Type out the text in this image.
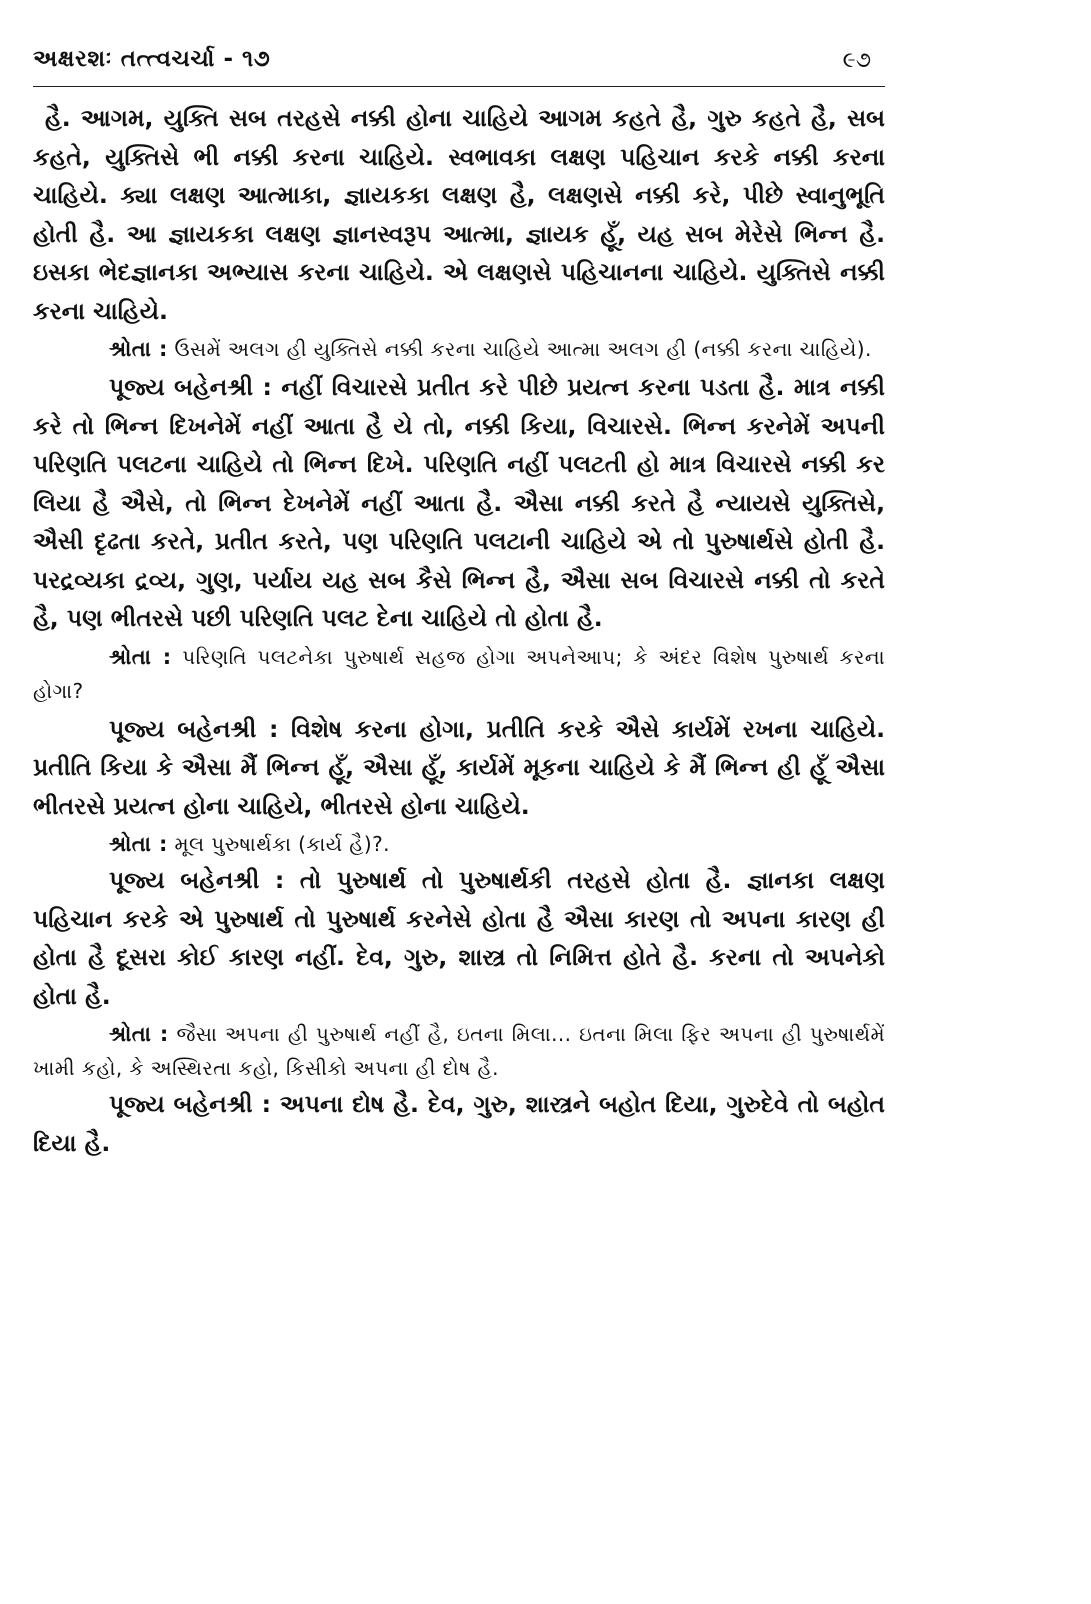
અક્ષરશઃ તત્ત્વચર્ચા - ૧૭	૯૭

હૈ. આગમ, યુક્તિ સબ તરહસે નક્કી હોના ચાહિયે આગમ કહતે હૈ, ગુરુ કહતે હૈ, સબ કહતે, યુક્તિસે ભી નક્કી કરના ચાહિયે. સ્વભાવકા લક્ષણ પહિચાન કરકે નક્કી કરના ચાહિયે. ક્યા લક્ષણ આત્માકા, જ્ઞાયકકા લક્ષણ હૈ, લક્ષણસે નક્કી કરે, પીછે સ્વાનુભૂતિ હોતી હૈ. આ જ્ઞાયકકા લક્ષણ જ્ઞાનસ્વરૂપ આત્મા, જ્ઞાયક હૂઁ, યહ સબ મેરેસે ભિન્ન હૈ. ઇસકા ભેદજ્ઞાનકા અભ્યાસ કરના ચાહિયે. એ લક્ષણસે પહિચાનના ચાહિયે. યુક્તિસે નક્કી કરના ચાહિયે.

શ્રોતા : ઉસમેં અલગ હી યુક્તિસે નક્કી કરના ચાહિયે આત્મા અલગ હી (નક્કી કરના ચાહિયે).

પૂજ્ય બહેનશ્રી : નહીં વિચારસે પ્રતીત કરે પીછે પ્રયત્ન કરના પડતા હૈ. માત્ર નક્કી કરે તો ભિન્ન દિખનેમેં નહીં આતા હૈ યે તો, નક્કી કિયા, વિચારસે. ભિન્ન કરનેમેં અપની પરિણતિ પલટના ચાહિયે તો ભિન્ન દિખે. પરિણતિ નહીં પલટતી હો માત્ર વિચારસે નક્કી કર લિયા હૈ ઐસે, તો ભિન્ન દેખનેમેં નહીં આતા હૈ. ઐસા નક્કી કરતે હૈ ન્યાયસે યુક્તિસે, ઐસી દૃઢતા કરતે, પ્રતીત કરતે, પણ પરિણતિ પલટાની ચાહિયે એ તો પુરુષાર્થસે હોતી હૈ. પરદ્રવ્યકા દ્રવ્ય, ગુણ, પર્યાય યહ સબ કૈસે ભિન્ન હૈ, ઐસા સબ વિચારસે નક્કી તો કરતે હૈ, પણ ભીતરસે પછી પરિણતિ પલટ દેના ચાહિયે તો હોતા હૈ.

શ્રોતા : પરિણતિ પલટનેકા પુરુષાર્થ સહજ હોગા અપનેઆપ; કે અંદર વિશેષ પુરુષાર્થ કરના હોગા?

પૂજ્ય બહેનશ્રી : વિશેષ કરના હોગા, પ્રતીતિ કરકે ઐસે કાર્યમેં રખના ચાહિયે. પ્રતીતિ કિયા કે ઐસા મૈં ભિન્ન હૂઁ, ઐસા હૂઁ, કાર્યમેં મૂકના ચાહિયે કે મૈં ભિન્ન હી હૂઁ ઐસા ભીતરસે પ્રયત્ન હોના ચાહિયે, ભીતરસે હોના ચાહિયે.

શ્રોતા : મૂલ પુરુષાર્થકા (કાર્ય હૈ)?.

પૂજ્ય બહેનશ્રી : તો પુરુષાર્થ તો પુરુષાર્થકી તરહસે હોતા હૈ. જ્ઞાનકા લક્ષણ પહિચાન કરકે એ પુરુષાર્થ તો પુરુષાર્થ કરનેસે હોતા હૈ ઐસા કારણ તો અપના કારણ હી હોતા હૈ દૂસરા કોઈ કારણ નહીં. દેવ, ગુરુ, શાસ્ત્ર તો નિમિત્ત હોતે હૈ. કરના તો અપનેકો હોતા હૈ.

શ્રોતા : જૈસા અપના હી પુરુષાર્થ નહીં હૈ, ઇતના મિલા... ઇતના મિલા ફિર અપના હી પુરુષાર્થમેં ખામી કહો, કે અસ્થિરતા કહો, કિસીકો અપના હી દોષ હૈ.

પૂજ્ય બહેનશ્રી : અપના દોષ હૈ. દેવ, ગુરુ, શાસ્ત્રને બહોત દિયા, ગુરુદેવે તો બહોત દિયા હૈ.
